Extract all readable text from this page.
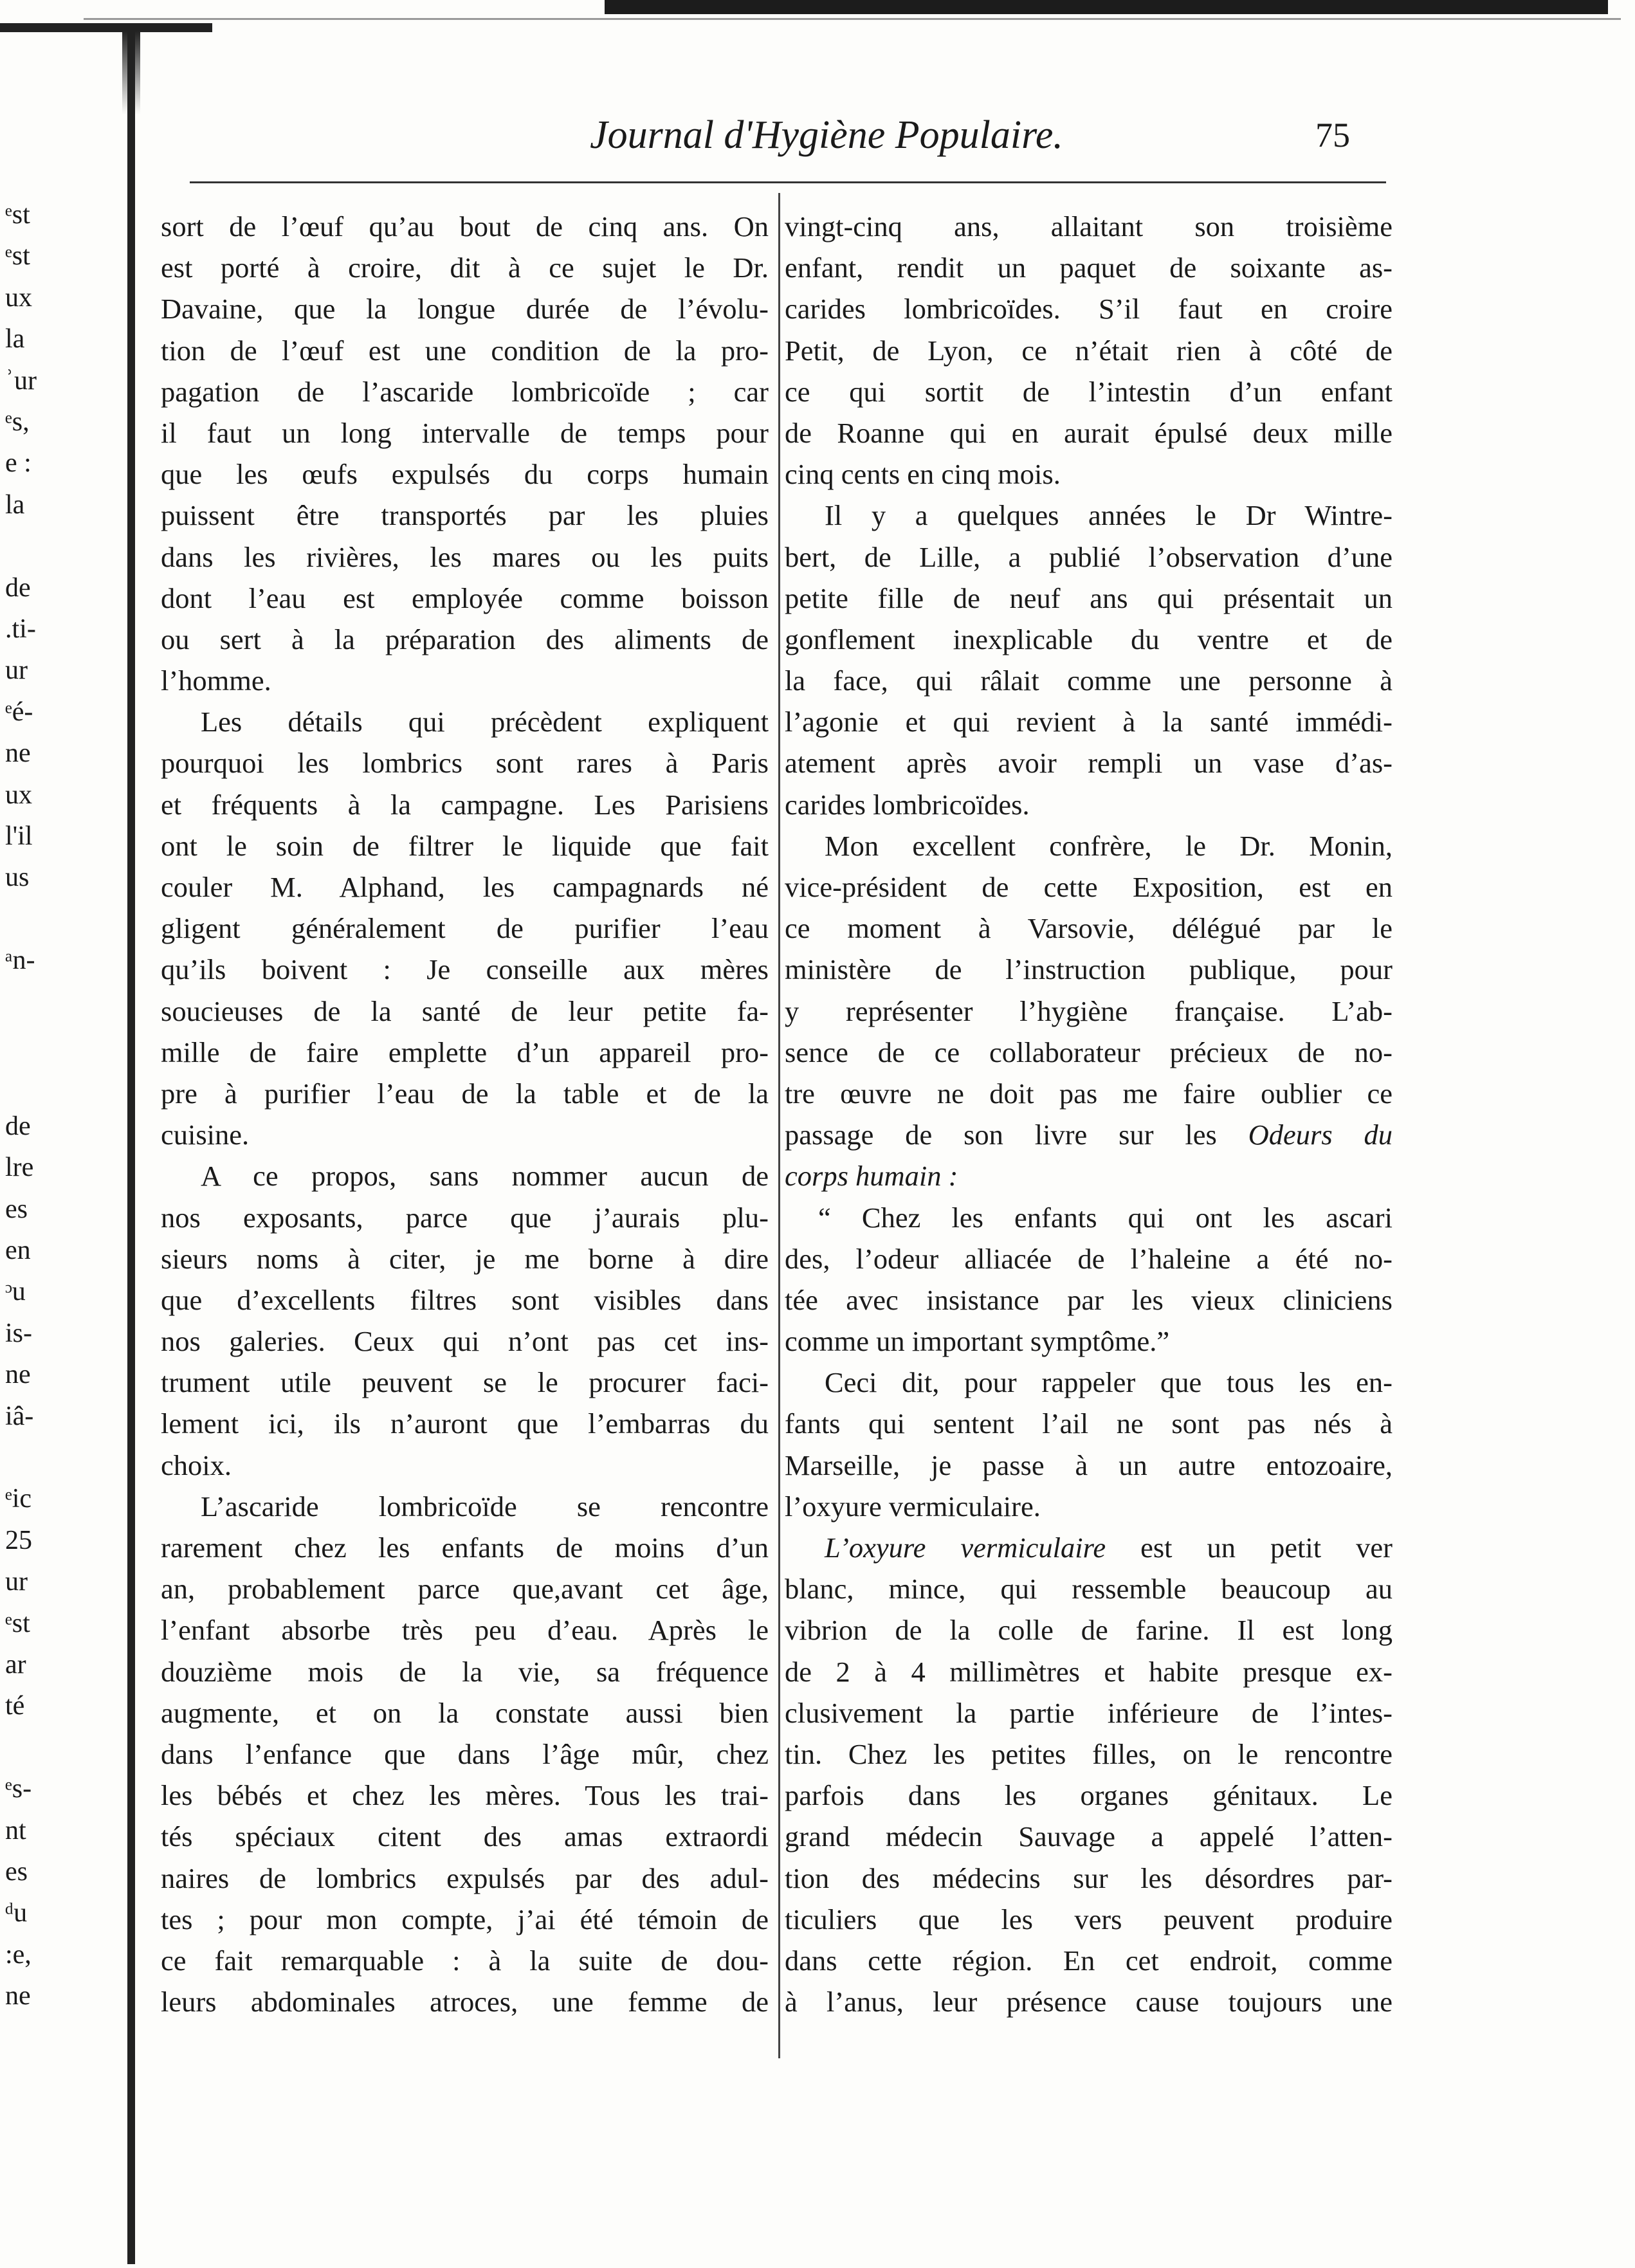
ᵉst
ᵉst
ux
la
ʾur
ᵉs,
e :
la
de
.ti-
ur
ᵉé-
ne
ux
l'il
us
ᵃn-
de
lre
es
en
ᵓu
is-
ne
iâ-
ᵉic
25
ur
ᵉst
ar
té
ᵉs-
nt
es
ᵈu
:e,
ne
Journal d'Hygiène Populaire.	75
sort de l’œuf qu’au bout de cinq ans. On
est porté à croire, dit à ce sujet le Dr.
Davaine, que la longue durée de l’évolu-
tion de l’œuf est une condition de la pro-
pagation de l’ascaride lombricoïde ; car
il faut un long intervalle de temps pour
que les œufs expulsés du corps humain
puissent être transportés par les pluies
dans les rivières, les mares ou les puits
dont l’eau est employée comme boisson
ou sert à la préparation des aliments de
l’homme.
Les détails qui précèdent expliquent
pourquoi les lombrics sont rares à Paris
et fréquents à la campagne. Les Parisiens
ont le soin de filtrer le liquide que fait
couler M. Alphand, les campagnards né
gligent généralement de purifier l’eau
qu’ils boivent : Je conseille aux mères
soucieuses de la santé de leur petite fa-
mille de faire emplette d’un appareil pro-
pre à purifier l’eau de la table et de la
cuisine.
A ce propos, sans nommer aucun de
nos exposants, parce que j’aurais plu-
sieurs noms à citer, je me borne à dire
que d’excellents filtres sont visibles dans
nos galeries. Ceux qui n’ont pas cet ins-
trument utile peuvent se le procurer faci-
lement ici, ils n’auront que l’embarras du
choix.
L’ascaride lombricoïde se rencontre
rarement chez les enfants de moins d’un
an, probablement parce que,avant cet âge,
l’enfant absorbe très peu d’eau. Après le
douzième mois de la vie, sa fréquence
augmente, et on la constate aussi bien
dans l’enfance que dans l’âge mûr, chez
les bébés et chez les mères. Tous les trai-
tés spéciaux citent des amas extraordi
naires de lombrics expulsés par des adul-
tes ; pour mon compte, j’ai été témoin de
ce fait remarquable : à la suite de dou-
leurs abdominales atroces, une femme de
vingt-cinq ans, allaitant son troisième
enfant, rendit un paquet de soixante as-
carides lombricoïdes. S’il faut en croire
Petit, de Lyon, ce n’était rien à côté de
ce qui sortit de l’intestin d’un enfant
de Roanne qui en aurait épulsé deux mille
cinq cents en cinq mois.
Il y a quelques années le Dr Wintre-
bert, de Lille, a publié l’observation d’une
petite fille de neuf ans qui présentait un
gonflement inexplicable du ventre et de
la face, qui râlait comme une personne à
l’agonie et qui revient à la santé immédi-
atement après avoir rempli un vase d’as-
carides lombricoïdes.
Mon excellent confrère, le Dr. Monin,
vice-président de cette Exposition, est en
ce moment à Varsovie, délégué par le
ministère de l’instruction publique, pour
y représenter l’hygiène française. L’ab-
sence de ce collaborateur précieux de no-
tre œuvre ne doit pas me faire oublier ce
passage de son livre sur les Odeurs du
corps humain :
“ Chez les enfants qui ont les ascari
des, l’odeur alliacée de l’haleine a été no-
tée avec insistance par les vieux cliniciens
comme un important symptôme.”
Ceci dit, pour rappeler que tous les en-
fants qui sentent l’ail ne sont pas nés à
Marseille, je passe à un autre entozoaire,
l’oxyure vermiculaire.
L’oxyure vermiculaire est un petit ver
blanc, mince, qui ressemble beaucoup au
vibrion de la colle de farine. Il est long
de 2 à 4 millimètres et habite presque ex-
clusivement la partie inférieure de l’intes-
tin. Chez les petites filles, on le rencontre
parfois dans les organes génitaux. Le
grand médecin Sauvage a appelé l’atten-
tion des médecins sur les désordres par-
ticuliers que les vers peuvent produire
dans cette région. En cet endroit, comme
à l’anus, leur présence cause toujours une
